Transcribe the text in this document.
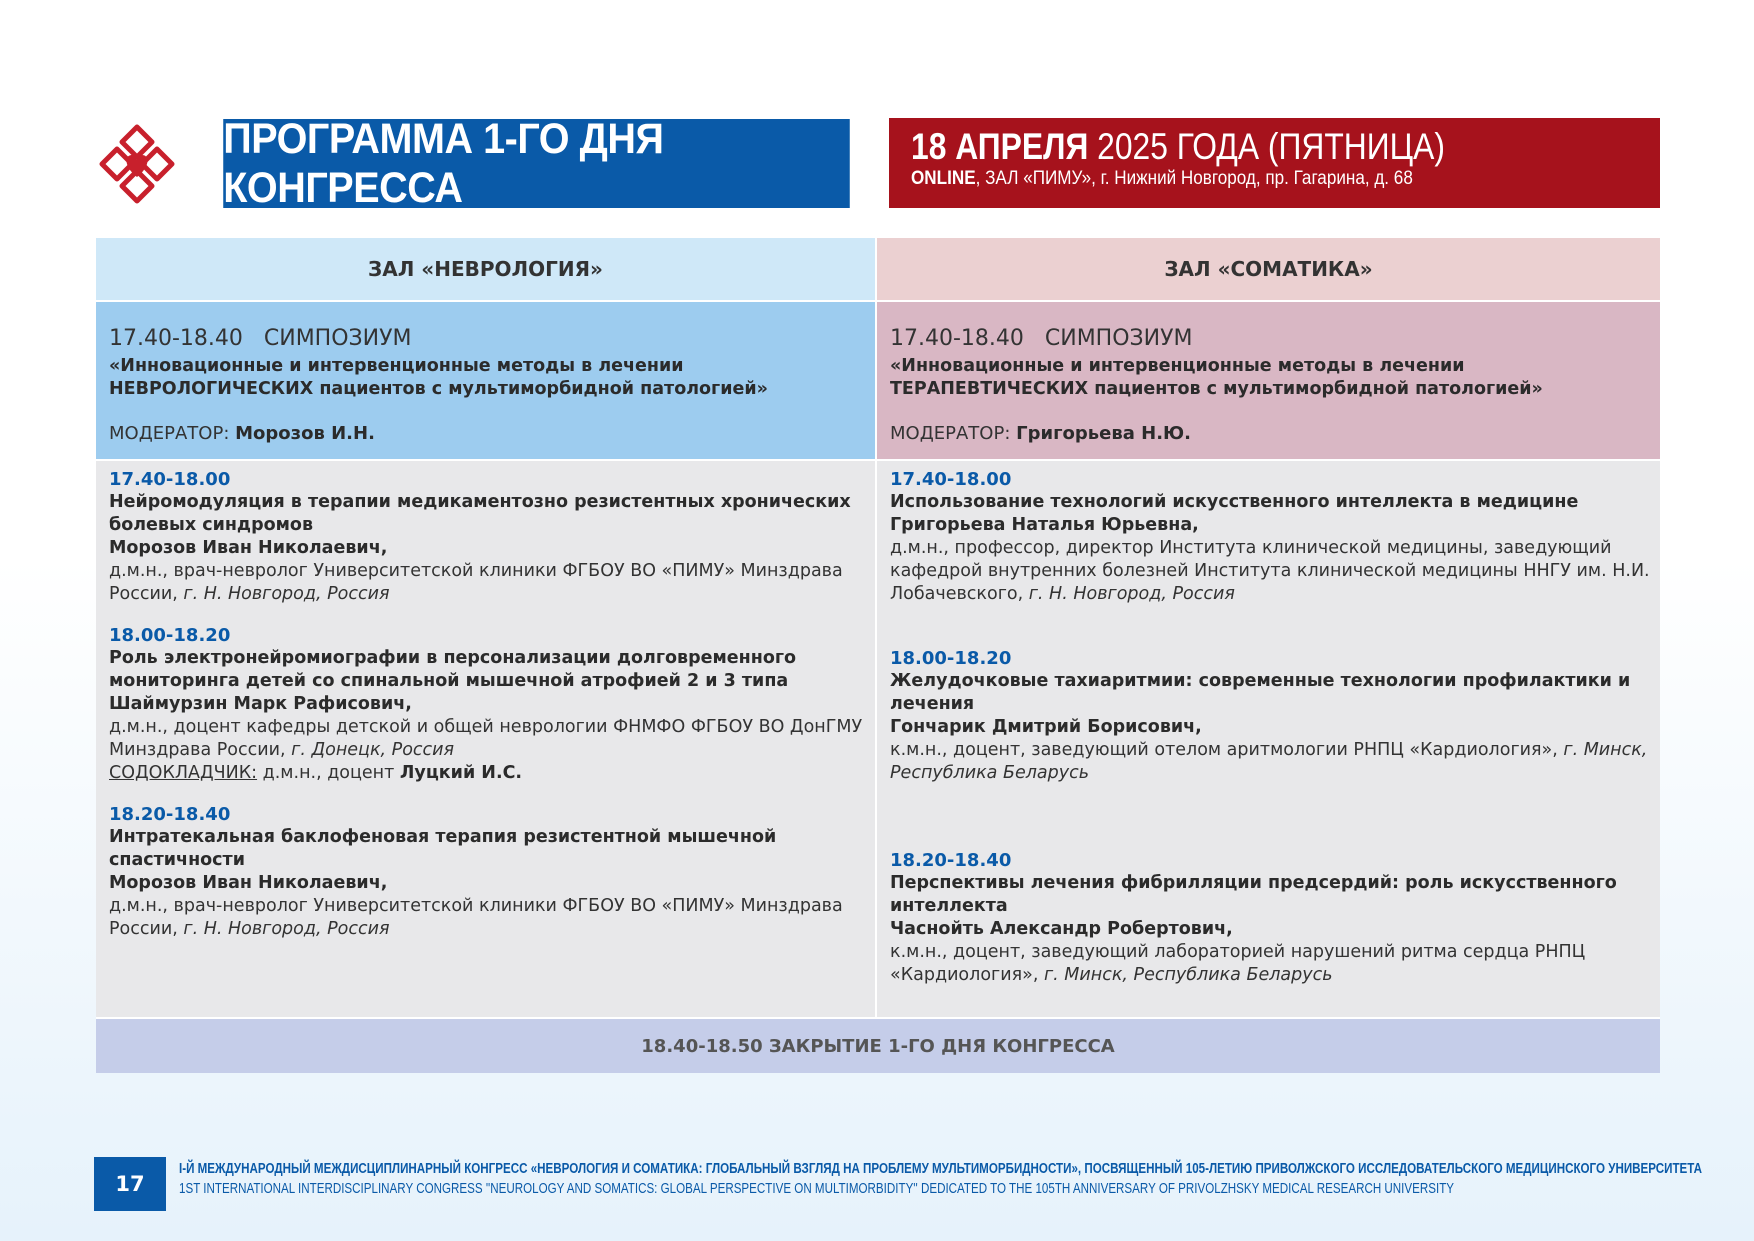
ПРОГРАММА 1-ГО ДНЯ КОНГРЕССА
18 АПРЕЛЯ 2025 ГОДА (ПЯТНИЦА)
ONLINE, ЗАЛ «ПИМУ», г. Нижний Новгород, пр. Гагарина, д. 68
ЗАЛ «НЕВРОЛОГИЯ»	ЗАЛ «СОМАТИКА»
17.40-18.40   СИМПОЗИУМ
«Инновационные и интервенционные методы в лечении НЕВРОЛОГИЧЕСКИХ пациентов с мультиморбидной патологией»
МОДЕРАТОР: Морозов И.Н.
17.40-18.40   СИМПОЗИУМ
«Инновационные и интервенционные методы в лечении ТЕРАПЕВТИЧЕСКИХ пациентов с мультиморбидной патологией»
МОДЕРАТОР: Григорьева Н.Ю.
17.40-18.00
Нейромодуляция в терапии медикаментозно резистентных хронических болевых синдромов
Морозов Иван Николаевич,
д.м.н., врач-невролог Университетской клиники ФГБОУ ВО «ПИМУ» Минздрава России, г. Н. Новгород, Россия
18.00-18.20
Роль электронейромиографии в персонализации долговременного мониторинга детей со спинальной мышечной атрофией 2 и 3 типа
Шаймурзин Марк Рафисович,
д.м.н., доцент кафедры детской и общей неврологии ФНМФО ФГБОУ ВО ДонГМУ Минздрава России, г. Донецк, Россия
СОДОКЛАДЧИК: д.м.н., доцент Луцкий И.С.
18.20-18.40
Интратекальная баклофеновая терапия резистентной мышечной спастичности
Морозов Иван Николаевич,
д.м.н., врач-невролог Университетской клиники ФГБОУ ВО «ПИМУ» Минздрава России, г. Н. Новгород, Россия
17.40-18.00
Использование технологий искусственного интеллекта в медицине
Григорьева Наталья Юрьевна,
д.м.н., профессор, директор Института клинической медицины, заведующий кафедрой внутренних болезней Института клинической медицины ННГУ им. Н.И. Лобачевского, г. Н. Новгород, Россия
18.00-18.20
Желудочковые тахиаритмии: современные технологии профилактики и лечения
Гончарик Дмитрий Борисович,
к.м.н., доцент, заведующий отелом аритмологии РНПЦ «Кардиология», г. Минск, Республика Беларусь
18.20-18.40
Перспективы лечения фибрилляции предсердий: роль искусственного интеллекта
Часнойть Александр Робертович,
к.м.н., доцент, заведующий лабораторией нарушений ритма сердца РНПЦ «Кардиология», г. Минск, Республика Беларусь
18.40-18.50 ЗАКРЫТИЕ 1-ГО ДНЯ КОНГРЕССА
17
I-Й МЕЖДУНАРОДНЫЙ МЕЖДИСЦИПЛИНАРНЫЙ КОНГРЕСС «НЕВРОЛОГИЯ И СОМАТИКА: ГЛОБАЛЬНЫЙ ВЗГЛЯД НА ПРОБЛЕМУ МУЛЬТИМОРБИДНОСТИ», ПОСВЯЩЕННЫЙ 105-ЛЕТИЮ ПРИВОЛЖСКОГО ИССЛЕДОВАТЕЛЬСКОГО МЕДИЦИНСКОГО УНИВЕРСИТЕТА
1ST INTERNATIONAL INTERDISCIPLINARY CONGRESS ''NEUROLOGY AND SOMATICS: GLOBAL PERSPECTIVE ON MULTIMORBIDITY'' DEDICATED TO THE 105TH ANNIVERSARY OF PRIVOLZHSKY MEDICAL RESEARCH UNIVERSITY
